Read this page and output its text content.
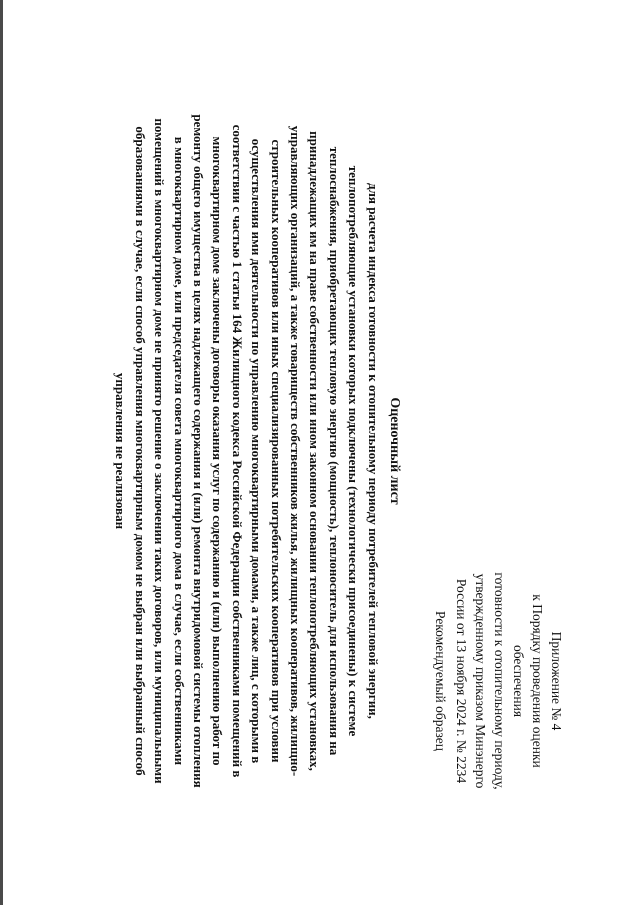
Приложение № 4
к Порядку проведения оценки
обеспечения
готовности к отопительному периоду,
утвержденному приказом Минэнерго
России от 13 ноября 2024 г. № 2234
Рекомендуемый образец
Оценочный лист
для расчета индекса готовности к отопительному периоду потребителей тепловой энергии,
теплопотребляющие установки которых подключены (технологически присоединены) к системе
теплоснабжения, приобретающих тепловую энергию (мощность), теплоноситель для использования на
принадлежащих им на праве собственности или ином законном основании теплопотребляющих установках,
управляющих организаций, а также товариществ собственников жилья, жилищных кооперативов, жилищно-
строительных кооперативов или иных специализированных потребительских кооперативов при условии
осуществления ими деятельности по управлению многоквартирными домами, а также лиц, с которыми в
соответствии с частью 1 статьи 164 Жилищного кодекса Российской Федерации собственниками помещений в
многоквартирном доме заключены договоры оказания услуг по содержанию и (или) выполнению работ по
ремонту общего имущества в целях надлежащего содержания и (или) ремонта внутридомовой системы отопления
в многоквартирном доме, или председателя совета многоквартирного дома в случае, если собственниками
помещений в многоквартирном доме не принято решение о заключении таких договоров, или муниципальными
образованиями в случае, если способ управления многоквартирным домом не выбран или выбранный способ
управления не реализован
